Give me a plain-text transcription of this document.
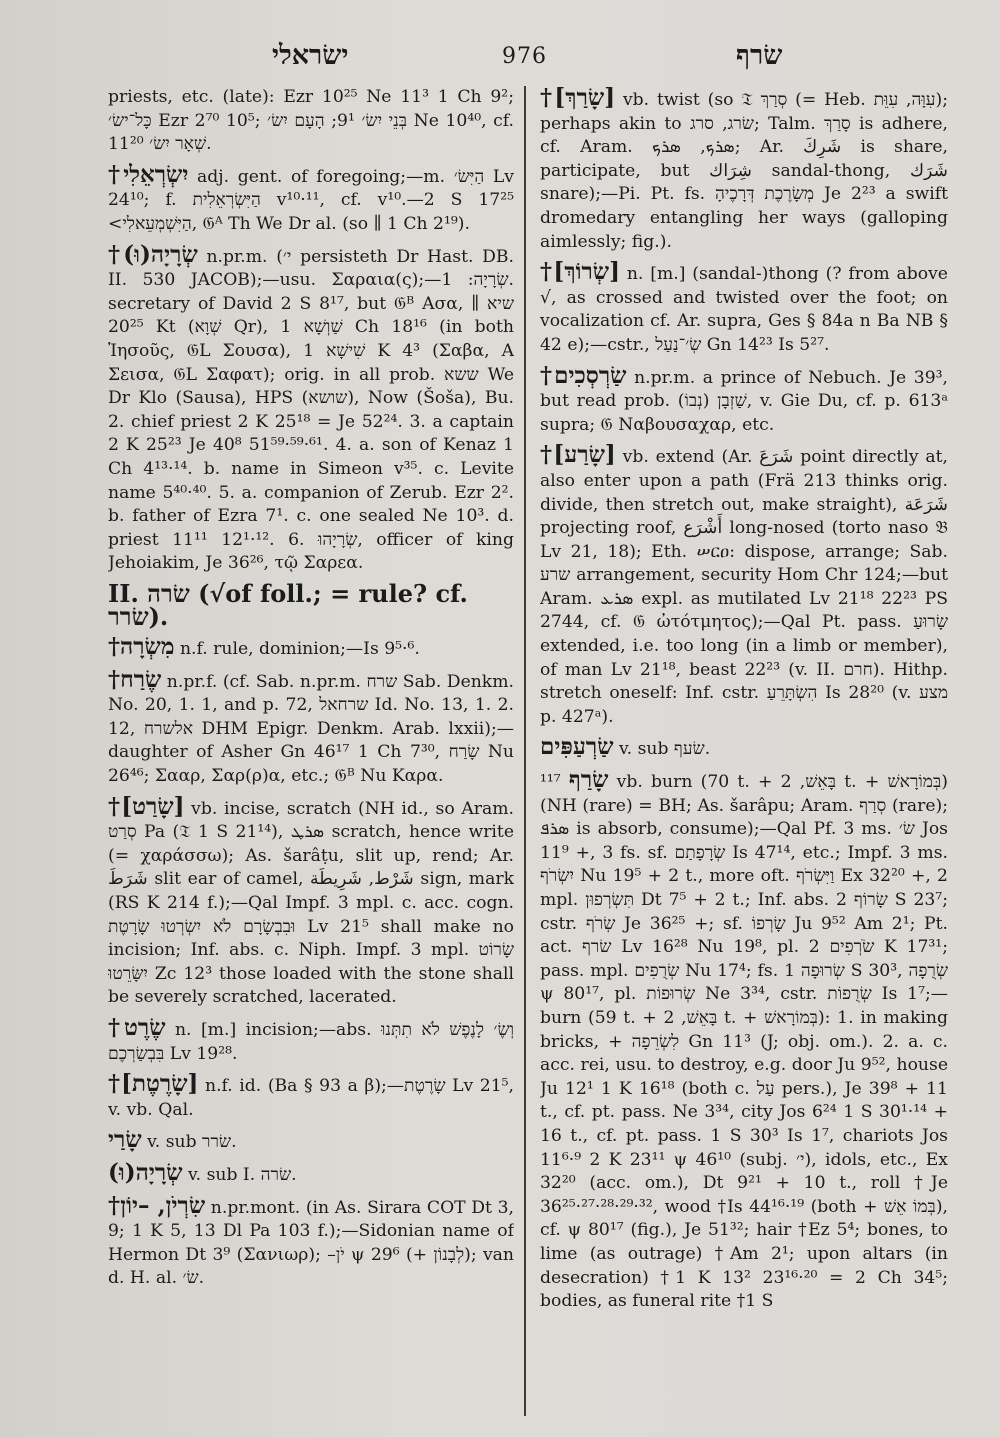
ישׂראלי	976	שׂרף
priests, etc. (late): Ezr 10²⁵ Ne 11³ 1 Ch 9²; כָּל־ישׂ׳ Ezr 2⁷⁰ 10⁵; בְּנֵי יִשׂ׳ 9¹; הָעָם יִשׂ׳ Ne 10⁴⁰, cf. שְׁאָר יִשׂ׳ 11²⁰.
†יִשְׂרְאֵלִי adj. gent. of foregoing;—m. הַיִּשׂ׳ Lv 24¹⁰; f. הַיִּשְׂרְאֵלִית v¹⁰·¹¹, cf. v¹⁰.—2 S 17²⁵ <הַיִּשְׁמְעֵאלִי, 𝔊ᴬ Th We Dr al. (so ∥ 1 Ch 2¹⁹).
†שְׂרָיָה(וּ) n.pr.m. (י׳ persisteth Dr Hast. DB. II. 530 JACOB);—usu. Σαραια(ς);—שְׂרָיָה: 1. secretary of David 2 S 8¹⁷, but 𝔊ᴮ Ασα, ∥ שיא 20²⁵ Kt (שְׁוָא Qr), שַׁוְשָׁא 1 Ch 18¹⁶ (in both Ἰησοῦς, 𝔊L Σουσα), שִׁישָׁא 1 K 4³ (Σαβα, A Σεισα, 𝔊L Σαφατ); orig. in all prob. ששא We Dr Klo (Sausa), HPS (שושא), Now (Šoša), Bu. 2. chief priest 2 K 25¹⁸ = Je 52²⁴. 3. a captain 2 K 25²³ Je 40⁸ 51⁵⁹·⁵⁹·⁶¹. 4. a. son of Kenaz 1 Ch 4¹³·¹⁴. b. name in Simeon v³⁵. c. Levite name 5⁴⁰·⁴⁰. 5. a. companion of Zerub. Ezr 2². b. father of Ezra 7¹. c. one sealed Ne 10³. d. priest 11¹¹ 12¹·¹². 6. שְׂרָיָהוּ, officer of king Jehoiakim, Je 36²⁶, τῷ Σαρεα.
II. שׂרה (√of foll.; = rule? cf. שׂרר).
†מִשְׂרָה n.f. rule, dominion;—Is 9⁵·⁶.
†שֶׂרַח n.pr.f. (cf. Sab. n.pr.m. שרח Sab. Denkm. No. 20, 1. 1, and p. 72, שרחאל Id. No. 13, 1. 2. 12, אלשרח DHM Epigr. Denkm. Arab. lxxii);—daughter of Asher Gn 46¹⁷ 1 Ch 7³⁰, שָׂרַח Nu 26⁴⁶; Σααρ, Σαρ(ρ)α, etc.; 𝔊ᴮ Nu Καρα.
†[שָׂרַט] vb. incise, scratch (NH id., so Aram. סְרַט Pa (𝔗 1 S 21¹⁴), ܣܪܛ scratch, hence write (= χαράσσω); As. šarâṭu, slit up, rend; Ar. شَرَطَ slit ear of camel, شَرْط, شَرِيطَة sign, mark (RS K 214 f.);—Qal Impf. 3 mpl. c. acc. cogn. וּבִבְשָׂרָם לֹא יִשְׂרְטוּ שָׂרָטֶת Lv 21⁵ shall make no incision; Inf. abs. c. Niph. Impf. 3 mpl. שָׂרוֹט יִשָּׂרֵטוּ Zc 12³ those loaded with the stone shall be severely scratched, lacerated.
†שֶׂרֶט n. [m.] incision;—abs. וְשֶׂ׳ לָנֶפֶשׁ לֹא תִתְּנוּ בִּבְשַׂרְכֶם Lv 19²⁸.
†[שָׂרֶטֶת] n.f. id. (Ba § 93 a β);—שָׂרֶטֶת Lv 21⁵, v. vb. Qal.
שָׂרַי v. sub שׂרר.
שְׂרָיָה(וּ) v. sub I. שׂרה.
†שִׂרְיֹן, –יוֹן n.pr.mont. (in As. Sirara COT Dt 3, 9; 1 K 5, 13 Dl Pa 103 f.);—Sidonian name of Hermon Dt 3⁹ (Σανιωρ); –יֹן ψ 29⁶ (+ לְבָנוֹן); van d. H. al. שׂ׳.
†[שָׂרַךְ] vb. twist (so 𝔗 סְרַךְ (= Heb. עִוָּה, עִוֵּת); perhaps akin to שׂרג, סרג; Talm. סָרַךְ is adhere, cf. Aram. ܣܪܟ, ܣܪܟ; Ar. شَرِكَ is share, participate, but شِرَاك sandal-thong, شَرَك snare);—Pi. Pt. fs. מְשָׂרֶכֶת דְּרָכֶיהָ Je 2²³ a swift dromedary entangling her ways (galloping aimlessly; fig.).
†[שְׂרוֹךְ] n. [m.] (sandal-)thong (? from above √, as crossed and twisted over the foot; on vocalization cf. Ar. supra, Ges § 84a n Ba NB § 42 e);—cstr., שְׂ׳־נַעַל Gn 14²³ Is 5²⁷.
†שַׂרְסְכִים n.pr.m. a prince of Nebuch. Je 39³, but read prob. (נְבוֹ) שַׁזְבָן, v. Gie Du, cf. p. 613ᵃ supra; 𝔊 Ναβουσαχαρ, etc.
†[שָׂרַע] vb. extend (Ar. شَرَعَ point directly at, also enter upon a path (Frä 213 thinks orig. divide, then stretch out, make straight), شَرَعَة projecting roof, أَشْرَع long-nosed (torto naso 𝔅 Lv 21, 18); Eth. ሠርዐ: dispose, arrange; Sab. שרע arrangement, security Hom Chr 124;—but Aram. ܣܪܥ expl. as mutilated Lv 21¹⁸ 22²³ PS 2744, cf. 𝔊 ὠτότμητος);—Qal Pt. pass. שָׂרוּעַ extended, i.e. too long (in a limb or member), of man Lv 21¹⁸, beast 22²³ (v. II. חרם). Hithp. stretch oneself: Inf. cstr. הִשְׂתָּרֵעַ Is 28²⁰ (v. מצע p. 427ᵃ).
שַׂרְעַפִּים v. sub שׂעף.
שָׂרַף ¹¹⁷ vb. burn (70 t. + בָּאֵשׁ, 2 t. + בְּמוֹרָאשׁ) (NH (rare) = BH; As. šarâpu; Aram. סְרַף (rare); ܣܪܦ is absorb, consume);—Qal Pf. 3 ms. שׂ׳ Jos 11⁹ +, 3 fs. sf. שְׂרָפָתַם Is 47¹⁴, etc.; Impf. 3 ms. יִשְׂרֹף Nu 19⁵ + 2 t., more oft. וַיִּשְׂרֹף Ex 32²⁰ +, 2 mpl. תִּשְׂרְפוּן Dt 7⁵ + 2 t.; Inf. abs. שָׂרוֹף 2 S 23⁷; cstr. שְׂרֹף Je 36²⁵ +; sf. שָׂרְפוֹ Ju 9⁵² Am 2¹; Pt. act. שׂרף Lv 16²⁸ Nu 19⁸, pl. שֹׂרְפִים 2 K 17³¹; pass. mpl. שְׂרֻפִים Nu 17⁴; fs. שְׂרוּפָה 1 S 30³, שְׂרֻפָה ψ 80¹⁷, pl. שְׂרוּפוֹת Ne 3³⁴, cstr. שְׂרֻפוֹת Is 1⁷;—burn (59 t. + בָּאֵשׁ, 2 t. + בְּמוֹרָאשׁ): 1. in making bricks, + לִשְׂרֵפָה Gn 11³ (J; obj. om.). 2. a. c. acc. rei, usu. to destroy, e.g. door Ju 9⁵², house Ju 12¹ 1 K 16¹⁸ (both c. עַל pers.), Je 39⁸ + 11 t., cf. pt. pass. Ne 3³⁴, city Jos 6²⁴ 1 S 30¹·¹⁴ + 16 t., cf. pt. pass. 1 S 30³ Is 1⁷, chariots Jos 11⁶·⁹ 2 K 23¹¹ ψ 46¹⁰ (subj. י׳), idols, etc., Ex 32²⁰ (acc. om.), Dt 9²¹ + 10 t., roll †Je 36²⁵·²⁷·²⁸·²⁹·³², wood †Is 44¹⁶·¹⁹ (both + בְּמוֹ אֵשׁ), cf. ψ 80¹⁷ (fig.), Je 51³²; hair †Ez 5⁴; bones, to lime (as outrage) †Am 2¹; upon altars (in desecration) †1 K 13² 23¹⁶·²⁰ = 2 Ch 34⁵; bodies, as funeral rite †1 S
